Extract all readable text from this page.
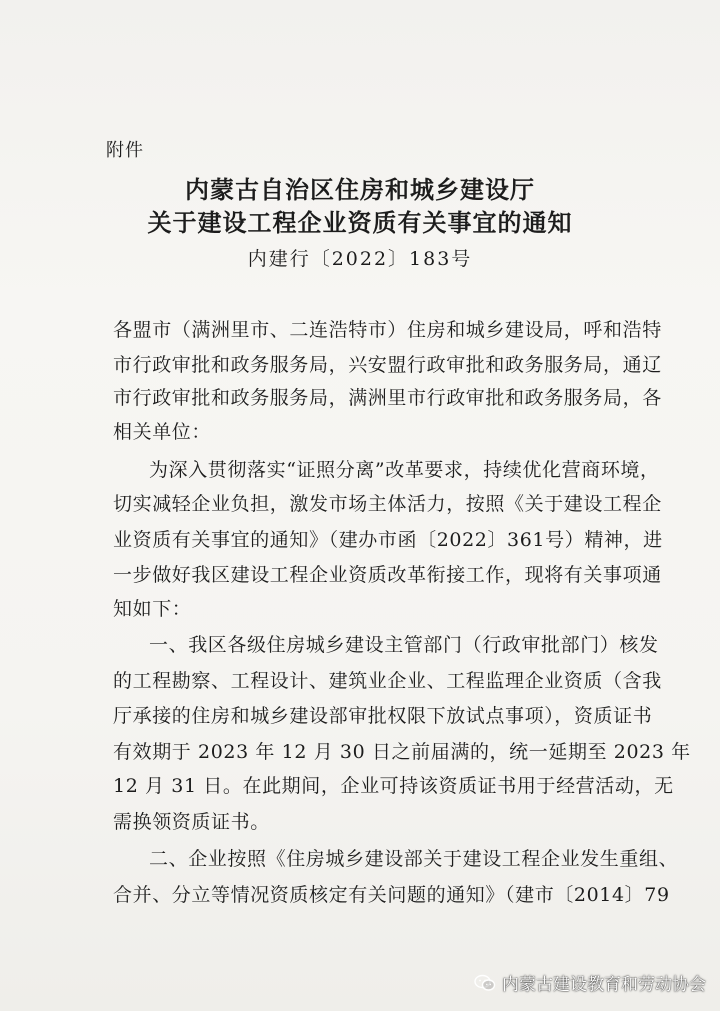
附件
内蒙古自治区住房和城乡建设厅
关于建设工程企业资质有关事宜的通知
内建行〔2022〕183号
各盟市（满洲里市、二连浩特市）住房和城乡建设局，呼和浩特
市行政审批和政务服务局，兴安盟行政审批和政务服务局，通辽
市行政审批和政务服务局，满洲里市行政审批和政务服务局，各
相关单位：
为深入贯彻落实“证照分离”改革要求，持续优化营商环境，
切实减轻企业负担，激发市场主体活力，按照《关于建设工程企
业资质有关事宜的通知》（建办市函〔2022〕361号）精神，进
一步做好我区建设工程企业资质改革衔接工作，现将有关事项通
知如下：
一、我区各级住房城乡建设主管部门（行政审批部门）核发
的工程勘察、工程设计、建筑业企业、工程监理企业资质（含我
厅承接的住房和城乡建设部审批权限下放试点事项），资质证书
有效期于 2023 年 12 月 30 日之前届满的，统一延期至 2023 年
12 月 31 日。在此期间，企业可持该资质证书用于经营活动，无
需换领资质证书。
二、企业按照《住房城乡建设部关于建设工程企业发生重组、
合并、分立等情况资质核定有关问题的通知》（建市〔2014〕79
内蒙古建设教育和劳动协会
